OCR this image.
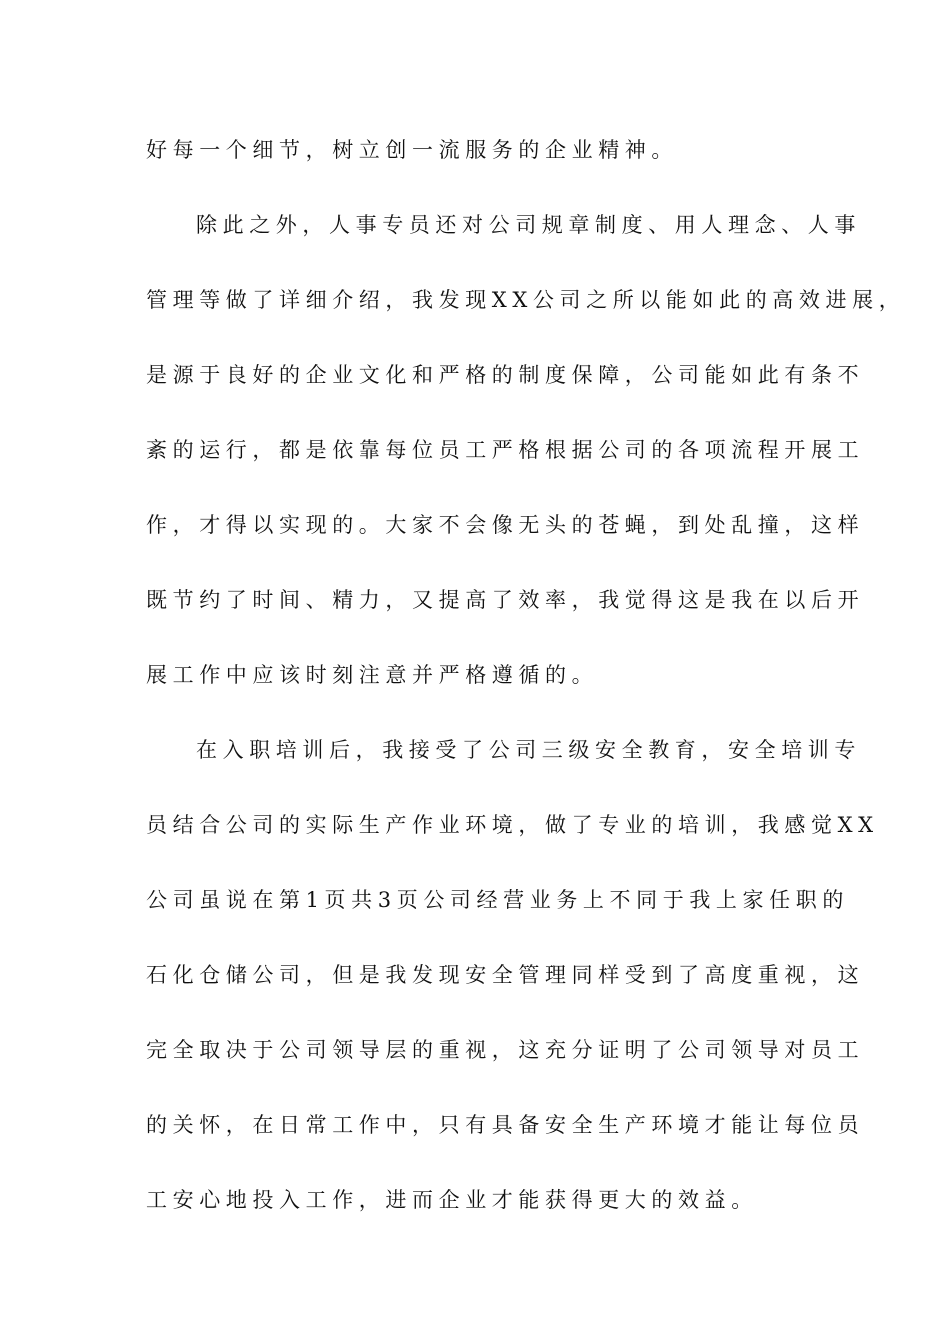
好每一个细节，树立创一流服务的企业精神。
除此之外，人事专员还对公司规章制度、用人理念、人事
管理等做了详细介绍，我发现XX公司之所以能如此的高效进展，
是源于良好的企业文化和严格的制度保障，公司能如此有条不
紊的运行，都是依靠每位员工严格根据公司的各项流程开展工
作，才得以实现的。大家不会像无头的苍蝇，到处乱撞，这样
既节约了时间、精力，又提高了效率，我觉得这是我在以后开
展工作中应该时刻注意并严格遵循的。
在入职培训后，我接受了公司三级安全教育，安全培训专
员结合公司的实际生产作业环境，做了专业的培训，我感觉XX
公司虽说在第1页共3页公司经营业务上不同于我上家任职的
石化仓储公司，但是我发现安全管理同样受到了高度重视，这
完全取决于公司领导层的重视，这充分证明了公司领导对员工
的关怀，在日常工作中，只有具备安全生产环境才能让每位员
工安心地投入工作，进而企业才能获得更大的效益。
